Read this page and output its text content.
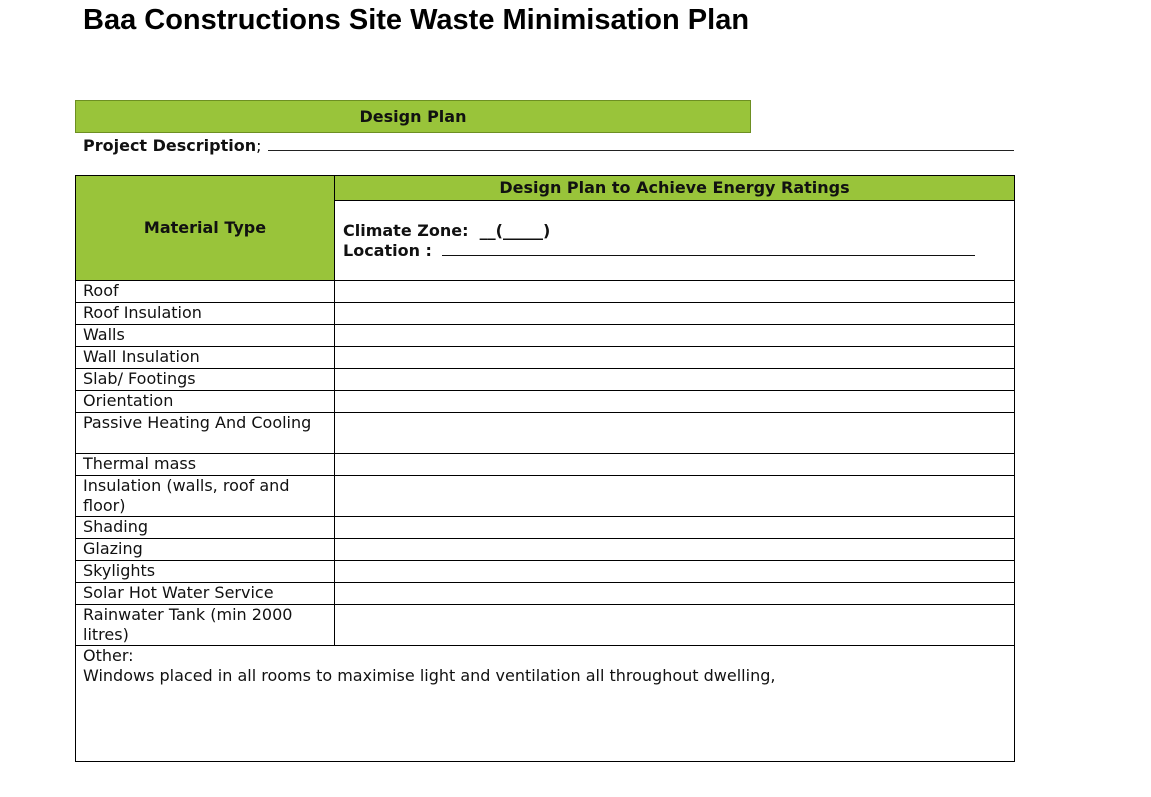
Baa Constructions Site Waste Minimisation Plan
Design Plan
Project Description;
Material Type	Design Plan to Achieve Energy Ratings

	Climate Zone: __(_____)
Location :

Roof	
Roof Insulation	
Walls	
Wall Insulation	
Slab/ Footings	
Orientation	
Passive Heating And Cooling	
Thermal mass	
Insulation (walls, roof and floor)	
Shading	
Glazing	
Skylights	
Solar Hot Water Service	
Rainwater Tank (min 2000 litres)	

Other:
Windows placed in all rooms to maximise light and ventilation all throughout dwelling,	
